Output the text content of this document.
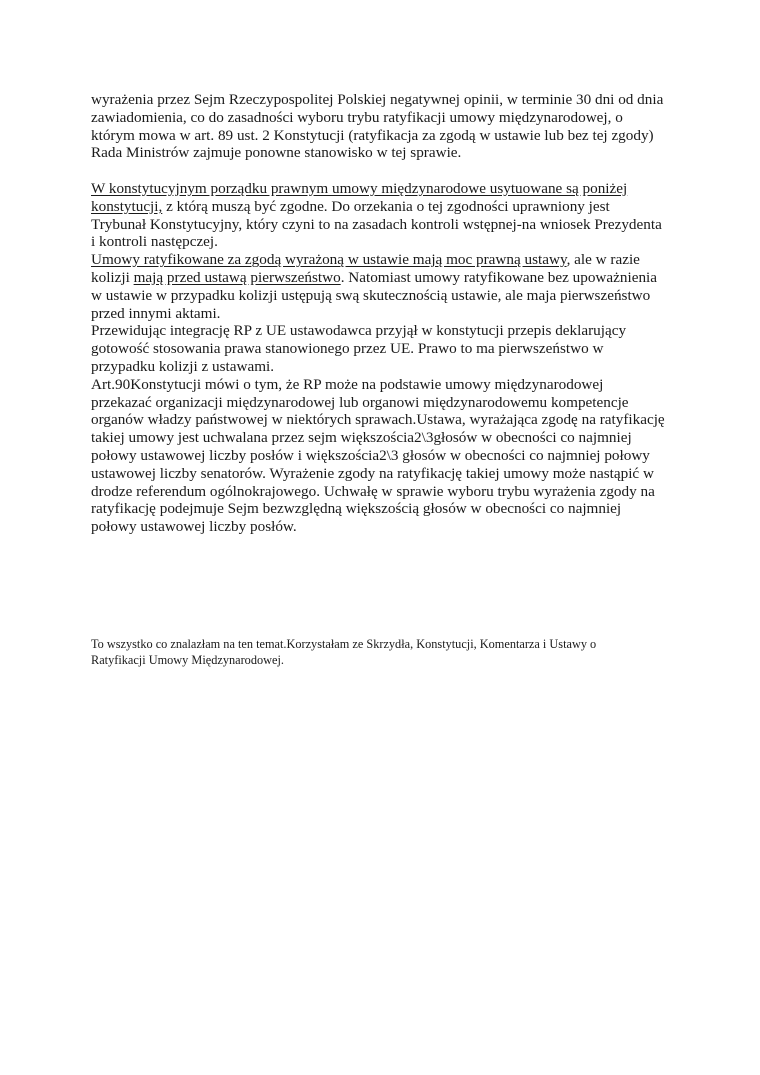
wyrażenia przez Sejm Rzeczypospolitej Polskiej negatywnej opinii, w terminie 30 dni od dnia
zawiadomienia, co do zasadności wyboru trybu ratyfikacji umowy międzynarodowej, o
którym mowa w art. 89 ust. 2 Konstytucji (ratyfikacja za zgodą w ustawie lub bez tej zgody)
Rada Ministrów zajmuje ponowne stanowisko w tej sprawie.
W konstytucyjnym porządku prawnym umowy międzynarodowe usytuowane są poniżej
konstytucji, z którą muszą być zgodne. Do orzekania o tej zgodności uprawniony jest
Trybunał Konstytucyjny, który czyni to na zasadach kontroli wstępnej-na wniosek Prezydenta
i kontroli następczej.
Umowy ratyfikowane za zgodą wyrażoną w ustawie mają moc prawną ustawy, ale w razie
kolizji mają przed ustawą pierwszeństwo. Natomiast umowy ratyfikowane bez upoważnienia
w ustawie w przypadku kolizji ustępują swą skutecznością ustawie, ale maja pierwszeństwo
przed innymi aktami.
Przewidując integrację RP z UE ustawodawca przyjął w konstytucji przepis deklarujący
gotowość stosowania prawa stanowionego przez UE. Prawo to ma pierwszeństwo w
przypadku kolizji z ustawami.
Art.90Konstytucji mówi o tym, że RP może na podstawie umowy międzynarodowej
przekazać organizacji międzynarodowej lub organowi międzynarodowemu kompetencje
organów władzy państwowej w niektórych sprawach.Ustawa, wyrażająca zgodę na ratyfikację
takiej umowy jest uchwalana przez sejm większościa2\3głosów w obecności co najmniej
połowy ustawowej liczby posłów i większościa2\3 głosów w obecności co najmniej połowy
ustawowej liczby senatorów. Wyrażenie zgody na ratyfikację takiej umowy może nastąpić w
drodze referendum ogólnokrajowego. Uchwałę w sprawie wyboru trybu wyrażenia zgody na
ratyfikację podejmuje Sejm bezwzględną większością głosów w obecności co najmniej
połowy ustawowej liczby posłów.
To wszystko co znalazłam na ten temat.Korzystałam ze Skrzydła, Konstytucji, Komentarza i Ustawy o
Ratyfikacji Umowy Międzynarodowej.
